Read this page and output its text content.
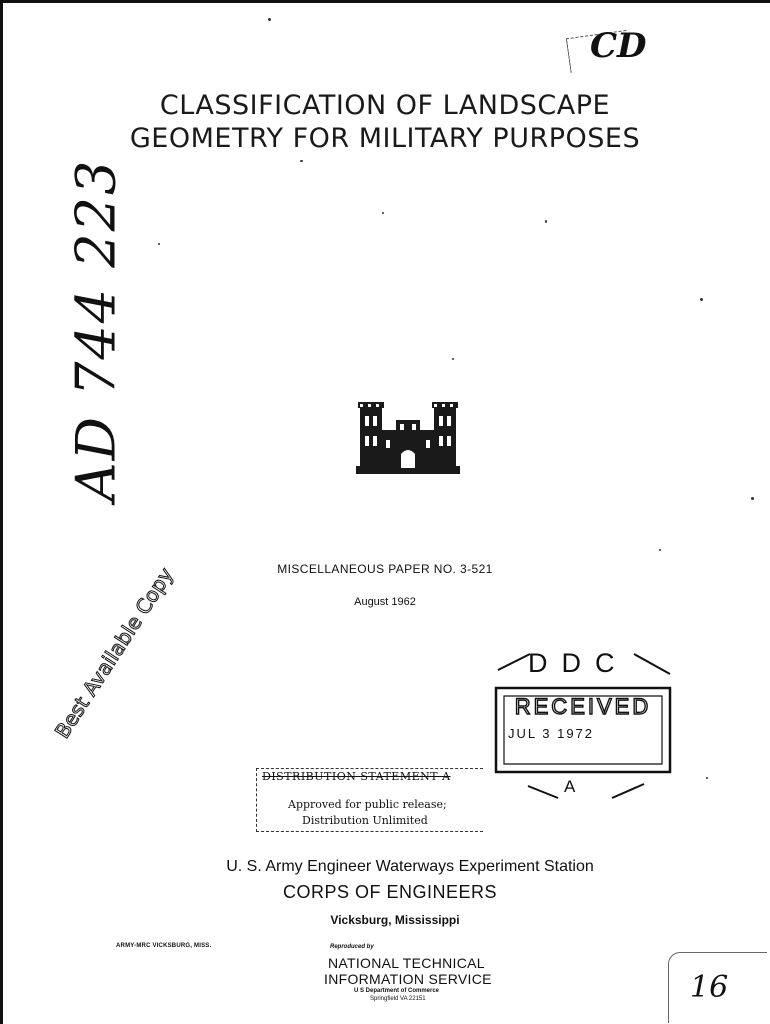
CD
CLASSIFICATION OF LANDSCAPE
GEOMETRY FOR MILITARY PURPOSES
AD 744 223
MISCELLANEOUS PAPER NO. 3-521
August 1962
Best Available Copy	RECEIVED
DDC
JUL 3 1972
A
DISTRIBUTION STATEMENT A
Approved for public release;
Distribution Unlimited
U. S. Army Engineer Waterways Experiment Station
CORPS OF ENGINEERS
Vicksburg, Mississippi
ARMY-MRC VICKSBURG, MISS.	Reproduced by
NATIONAL TECHNICAL
INFORMATION SERVICE
U S Department of Commerce
Springfield VA 22151	16
